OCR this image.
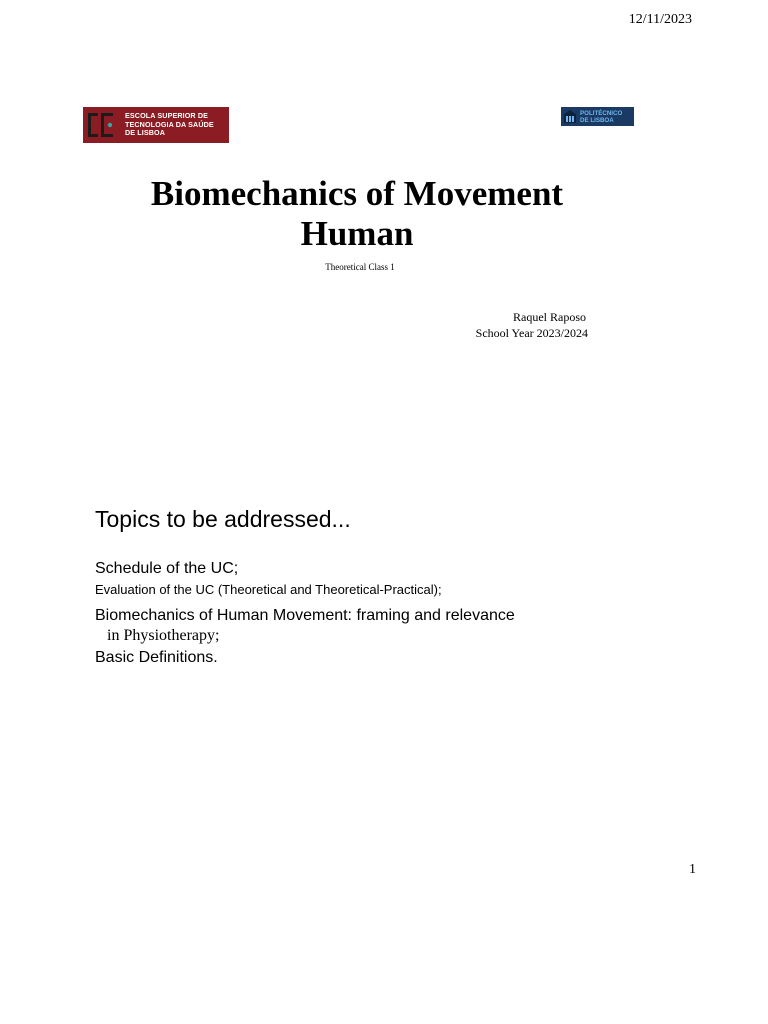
12/11/2023
ESCOLA SUPERIOR DE
TECNOLOGIA DA SAÚDE
DE LISBOA
POLITÉCNICO
DE LISBOA
Biomechanics of Movement
Human
Theoretical Class 1
Raquel Raposo
School Year 2023/2024
Topics to be addressed...
Schedule of the UC;
Evaluation of the UC (Theoretical and Theoretical-Practical);
Biomechanics of Human Movement: framing and relevance
in Physiotherapy;
Basic Definitions.
1
